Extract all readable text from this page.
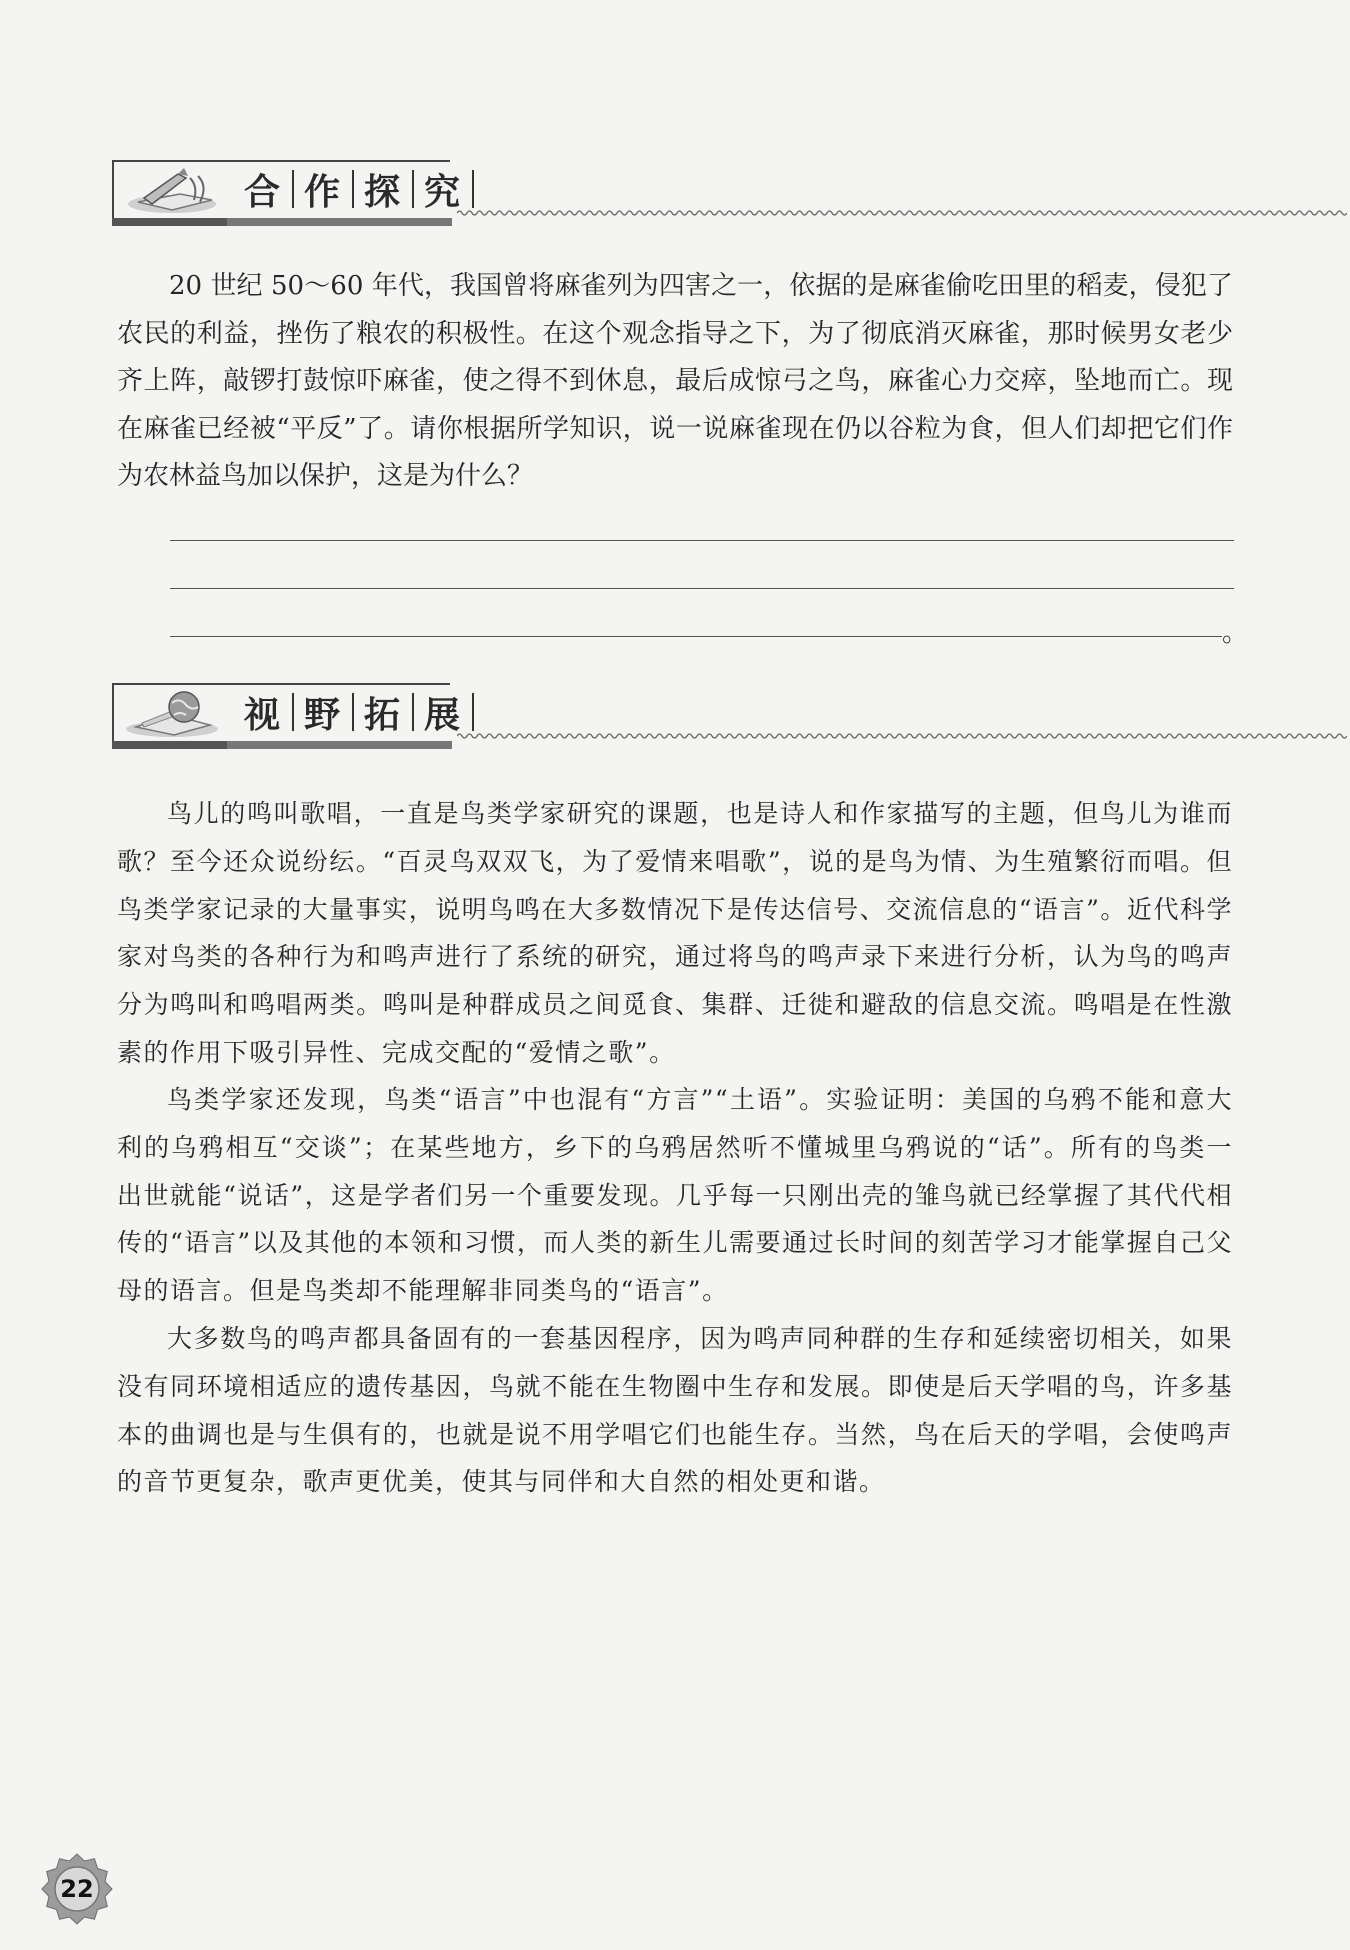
合 作 探 究

20 世纪 50～60 年代，我国曾将麻雀列为四害之一，依据的是麻雀偷吃田里的稻麦，侵犯了农民的利益，挫伤了粮农的积极性。在这个观念指导之下，为了彻底消灭麻雀，那时候男女老少齐上阵，敲锣打鼓惊吓麻雀，使之得不到休息，最后成惊弓之鸟，麻雀心力交瘁，坠地而亡。现在麻雀已经被“平反”了。请你根据所学知识，说一说麻雀现在仍以谷粒为食，但人们却把它们作为农林益鸟加以保护，这是为什么？

。
视 野 拓 展

鸟儿的鸣叫歌唱，一直是鸟类学家研究的课题，也是诗人和作家描写的主题，但鸟儿为谁而歌？至今还众说纷纭。“百灵鸟双双飞，为了爱情来唱歌”，说的是鸟为情、为生殖繁衍而唱。但鸟类学家记录的大量事实，说明鸟鸣在大多数情况下是传达信号、交流信息的“语言”。近代科学家对鸟类的各种行为和鸣声进行了系统的研究，通过将鸟的鸣声录下来进行分析，认为鸟的鸣声分为鸣叫和鸣唱两类。鸣叫是种群成员之间觅食、集群、迁徙和避敌的信息交流。鸣唱是在性激素的作用下吸引异性、完成交配的“爱情之歌”。

鸟类学家还发现，鸟类“语言”中也混有“方言”“土语”。实验证明：美国的乌鸦不能和意大利的乌鸦相互“交谈”；在某些地方，乡下的乌鸦居然听不懂城里乌鸦说的“话”。所有的鸟类一出世就能“说话”，这是学者们另一个重要发现。几乎每一只刚出壳的雏鸟就已经掌握了其代代相传的“语言”以及其他的本领和习惯，而人类的新生儿需要通过长时间的刻苦学习才能掌握自己父母的语言。但是鸟类却不能理解非同类鸟的“语言”。

大多数鸟的鸣声都具备固有的一套基因程序，因为鸣声同种群的生存和延续密切相关，如果没有同环境相适应的遗传基因，鸟就不能在生物圈中生存和发展。即使是后天学唱的鸟，许多基本的曲调也是与生俱有的，也就是说不用学唱它们也能生存。当然，鸟在后天的学唱，会使鸣声的音节更复杂，歌声更优美，使其与同伴和大自然的相处更和谐。

22
